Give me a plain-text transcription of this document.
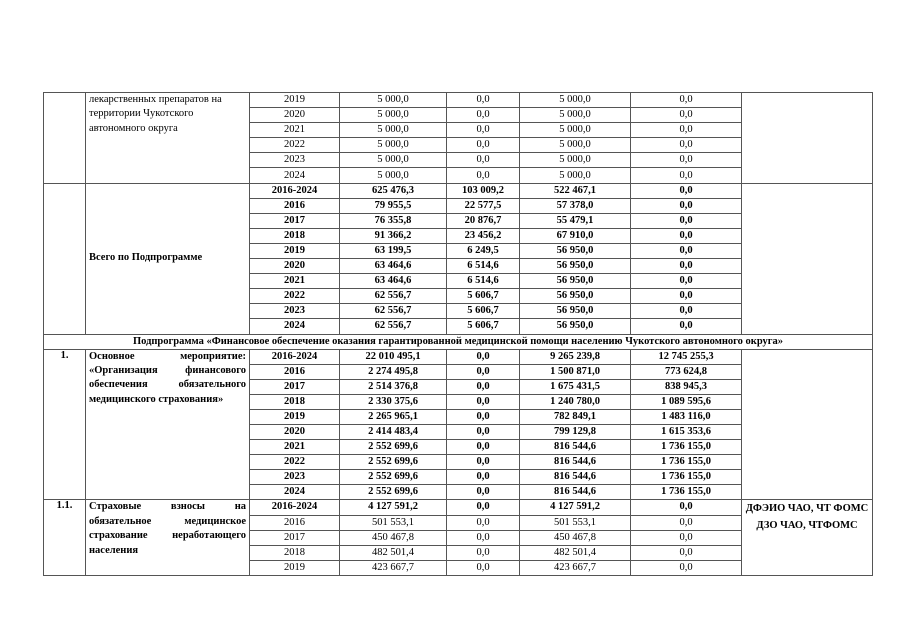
	лекарственных препаратов на территории Чукотского автономного округа	2019	5 000,0	0,0	5 000,0	0,0	
		2020	5 000,0	0,0	5 000,0	0,0	
		2021	5 000,0	0,0	5 000,0	0,0	
		2022	5 000,0	0,0	5 000,0	0,0	
		2023	5 000,0	0,0	5 000,0	0,0	
		2024	5 000,0	0,0	5 000,0	0,0	
	Всего по Подпрограмме	2016-2024	625 476,3	103 009,2	522 467,1	0,0	
		2016	79 955,5	22 577,5	57 378,0	0,0	
		2017	76 355,8	20 876,7	55 479,1	0,0	
		2018	91 366,2	23 456,2	67 910,0	0,0	
		2019	63 199,5	6 249,5	56 950,0	0,0	
		2020	63 464,6	6 514,6	56 950,0	0,0	
		2021	63 464,6	6 514,6	56 950,0	0,0	
		2022	62 556,7	5 606,7	56 950,0	0,0	
		2023	62 556,7	5 606,7	56 950,0	0,0	
		2024	62 556,7	5 606,7	56 950,0	0,0	
Подпрограмма «Финансовое обеспечение оказания гарантированной медицинской помощи населению Чукотского автономного округа»							
1.	Основное мероприятие: «Организация финансового обеспечения обязательного медицинского страхования»	2016-2024	22 010 495,1	0,0	9 265 239,8	12 745 255,3	
		2016	2 274 495,8	0,0	1 500 871,0	773 624,8	
		2017	2 514 376,8	0,0	1 675 431,5	838 945,3	
		2018	2 330 375,6	0,0	1 240 780,0	1 089 595,6	
		2019	2 265 965,1	0,0	782 849,1	1 483 116,0	
		2020	2 414 483,4	0,0	799 129,8	1 615 353,6	
		2021	2 552 699,6	0,0	816 544,6	1 736 155,0	
		2022	2 552 699,6	0,0	816 544,6	1 736 155,0	
		2023	2 552 699,6	0,0	816 544,6	1 736 155,0	
		2024	2 552 699,6	0,0	816 544,6	1 736 155,0	
1.1.	Страховые взносы на обязательное медицинское страхование неработающего населения	2016-2024	4 127 591,2	0,0	4 127 591,2	0,0	ДФЭИО ЧАО, ЧТ ФОМС
ДЗО ЧАО, ЧТФОМС

		2016	501 553,1	0,0	501 553,1	0,0	
		2017	450 467,8	0,0	450 467,8	0,0	
		2018	482 501,4	0,0	482 501,4	0,0	
		2019	423 667,7	0,0	423 667,7	0,0	
